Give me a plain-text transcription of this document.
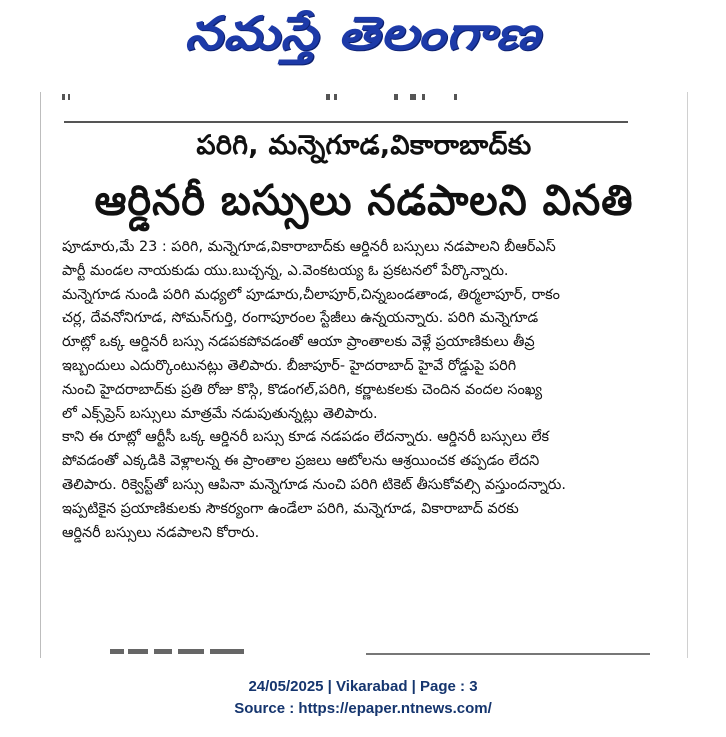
నమస్తే తెలంగాణ
పరిగి, మన్నెగూడ,వికారాబాద్‌కు
ఆర్డినరీ బస్సులు నడపాలని వినతి
పూడూరు,మే 23 : పరిగి, మన్నెగూడ,వికారాబాద్‌కు ఆర్డినరీ బస్సులు నడపాలని బీఆర్‌ఎస్
పార్టీ మండల నాయకుడు యు.బుచ్చన్న, ఎ.వెంకటయ్య ఓ ప్రకటనలో పేర్కొన్నారు.
మన్నెగూడ నుండి పరిగి మధ్యలో పూడూరు,చీలాపూర్,చిన్నబండతాండ, తిర్మలాపూర్, రాకం
చర్ల, దేవనోనిగూడ, సోమన్‌గుర్తి, రంగాపూరంల స్టేజీలు ఉన్నయన్నారు. పరిగి మన్నెగూడ
రూట్లో ఒక్క ఆర్డినరీ బస్సు నడపకపోవడంతో ఆయా ప్రాంతాలకు వెళ్లే ప్రయాణికులు తీవ్ర
ఇబ్బందులు ఎదుర్కొంటునట్లు తెలిపారు. బీజాపూర్- హైదరాబాద్ హైవే రోడ్డుపై పరిగి
నుంచి హైదరాబాద్‌కు ప్రతి రోజు కొస్గి, కొడంగల్,పరిగి, కర్ణాటకలకు చెందిన వందల సంఖ్య
లో ఎక్స్‌ప్రెస్ బస్సులు మాత్రమే నడుపుతున్నట్లు తెలిపారు.
కాని ఈ రూట్లో ఆర్టీసీ ఒక్క ఆర్డినరీ బస్సు కూడ నడపడం లేదన్నారు. ఆర్డినరీ బస్సులు లేక
పోవడంతో ఎక్కడికి వెళ్లాలన్న ఈ ప్రాంతాల ప్రజలు ఆటోలను ఆశ్రయించక తప్పడం లేదని
తెలిపారు. రిక్వెస్ట్‌తో బస్సు ఆపినా మన్నెగూడ నుంచి పరిగి టికెట్ తీసుకోవల్సి వస్తుందన్నారు.
ఇప్పటికైన ప్రయాణికులకు సౌకర్యంగా ఉండేలా పరిగి, మన్నెగూడ, వికారాబాద్ వరకు
ఆర్డినరీ బస్సులు నడపాలని కోరారు.
24/05/2025 | Vikarabad | Page : 3
Source : https://epaper.ntnews.com/
